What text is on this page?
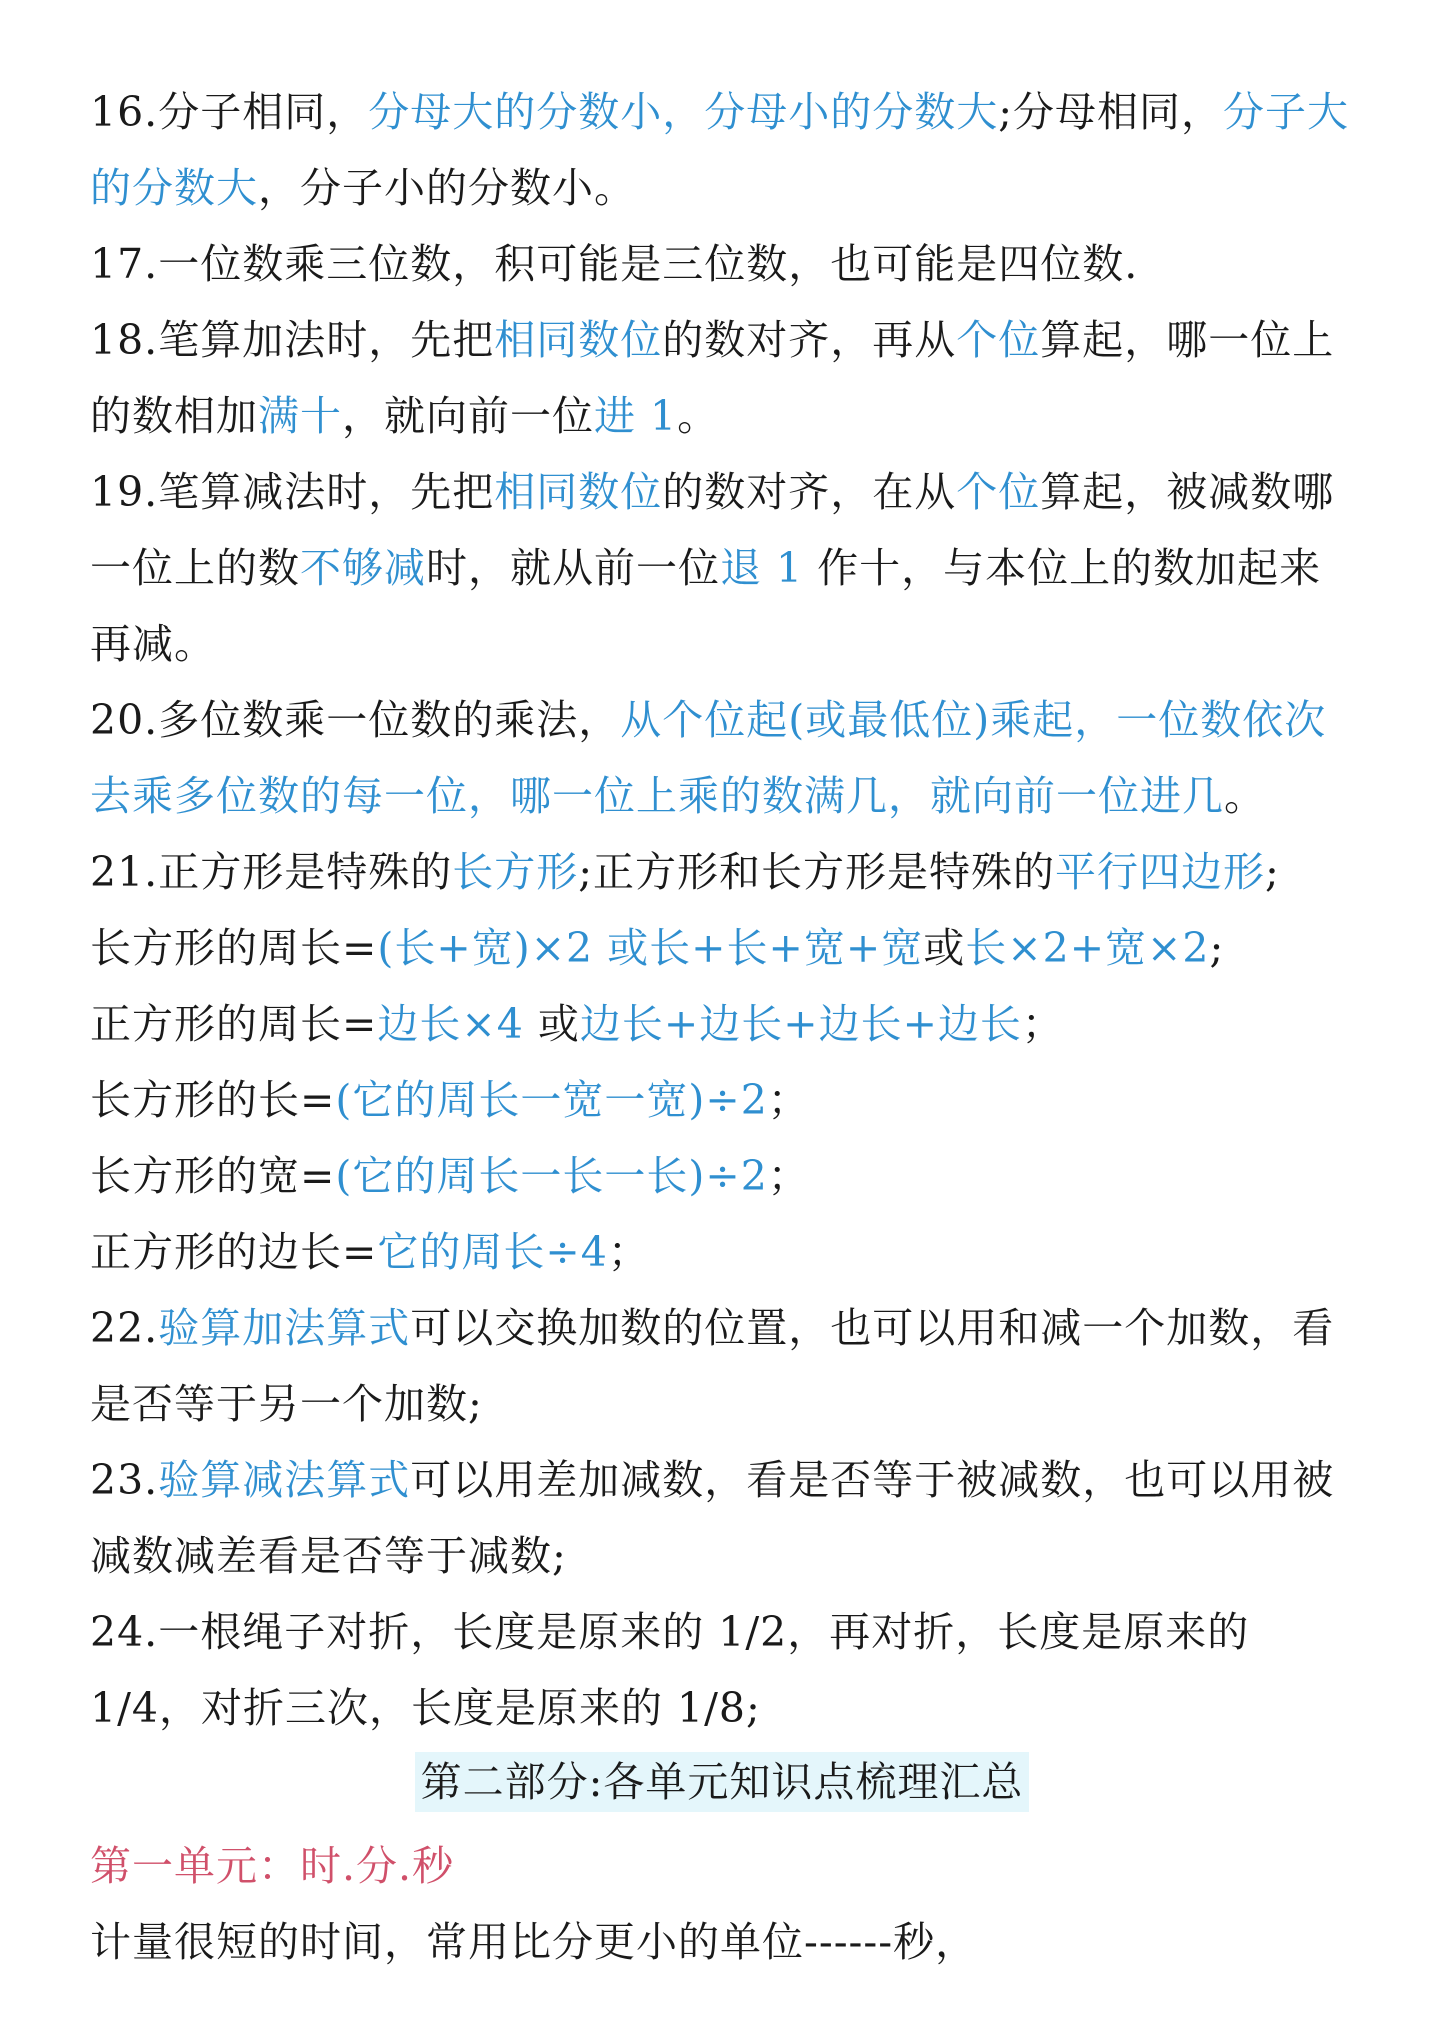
16.分子相同，分母大的分数小，分母小的分数大;分母相同，分子大的分数大，分子小的分数小。

17.一位数乘三位数，积可能是三位数，也可能是四位数.

18.笔算加法时，先把相同数位的数对齐，再从个位算起，哪一位上的数相加满十，就向前一位进 1。

19.笔算减法时，先把相同数位的数对齐，在从个位算起，被减数哪一位上的数不够减时，就从前一位退 1 作十，与本位上的数加起来再减。

20.多位数乘一位数的乘法，从个位起(或最低位)乘起，一位数依次去乘多位数的每一位，哪一位上乘的数满几，就向前一位进几。

21.正方形是特殊的长方形;正方形和长方形是特殊的平行四边形;

长方形的周长=(长+宽)×2 或长+长+宽+宽或长×2+宽×2;

正方形的周长=边长×4 或边长+边长+边长+边长；

长方形的长=(它的周长一宽一宽)÷2；

长方形的宽=(它的周长一长一长)÷2；

正方形的边长=它的周长÷4；

22.验算加法算式可以交换加数的位置，也可以用和减一个加数，看是否等于另一个加数;

23.验算减法算式可以用差加减数，看是否等于被减数，也可以用被减数减差看是否等于减数;

24.一根绳子对折，长度是原来的 1/2，再对折，长度是原来的 1/4，对折三次，长度是原来的 1/8;

第二部分:各单元知识点梳理汇总

第一单元：时.分.秒

计量很短的时间，常用比分更小的单位------秒，
